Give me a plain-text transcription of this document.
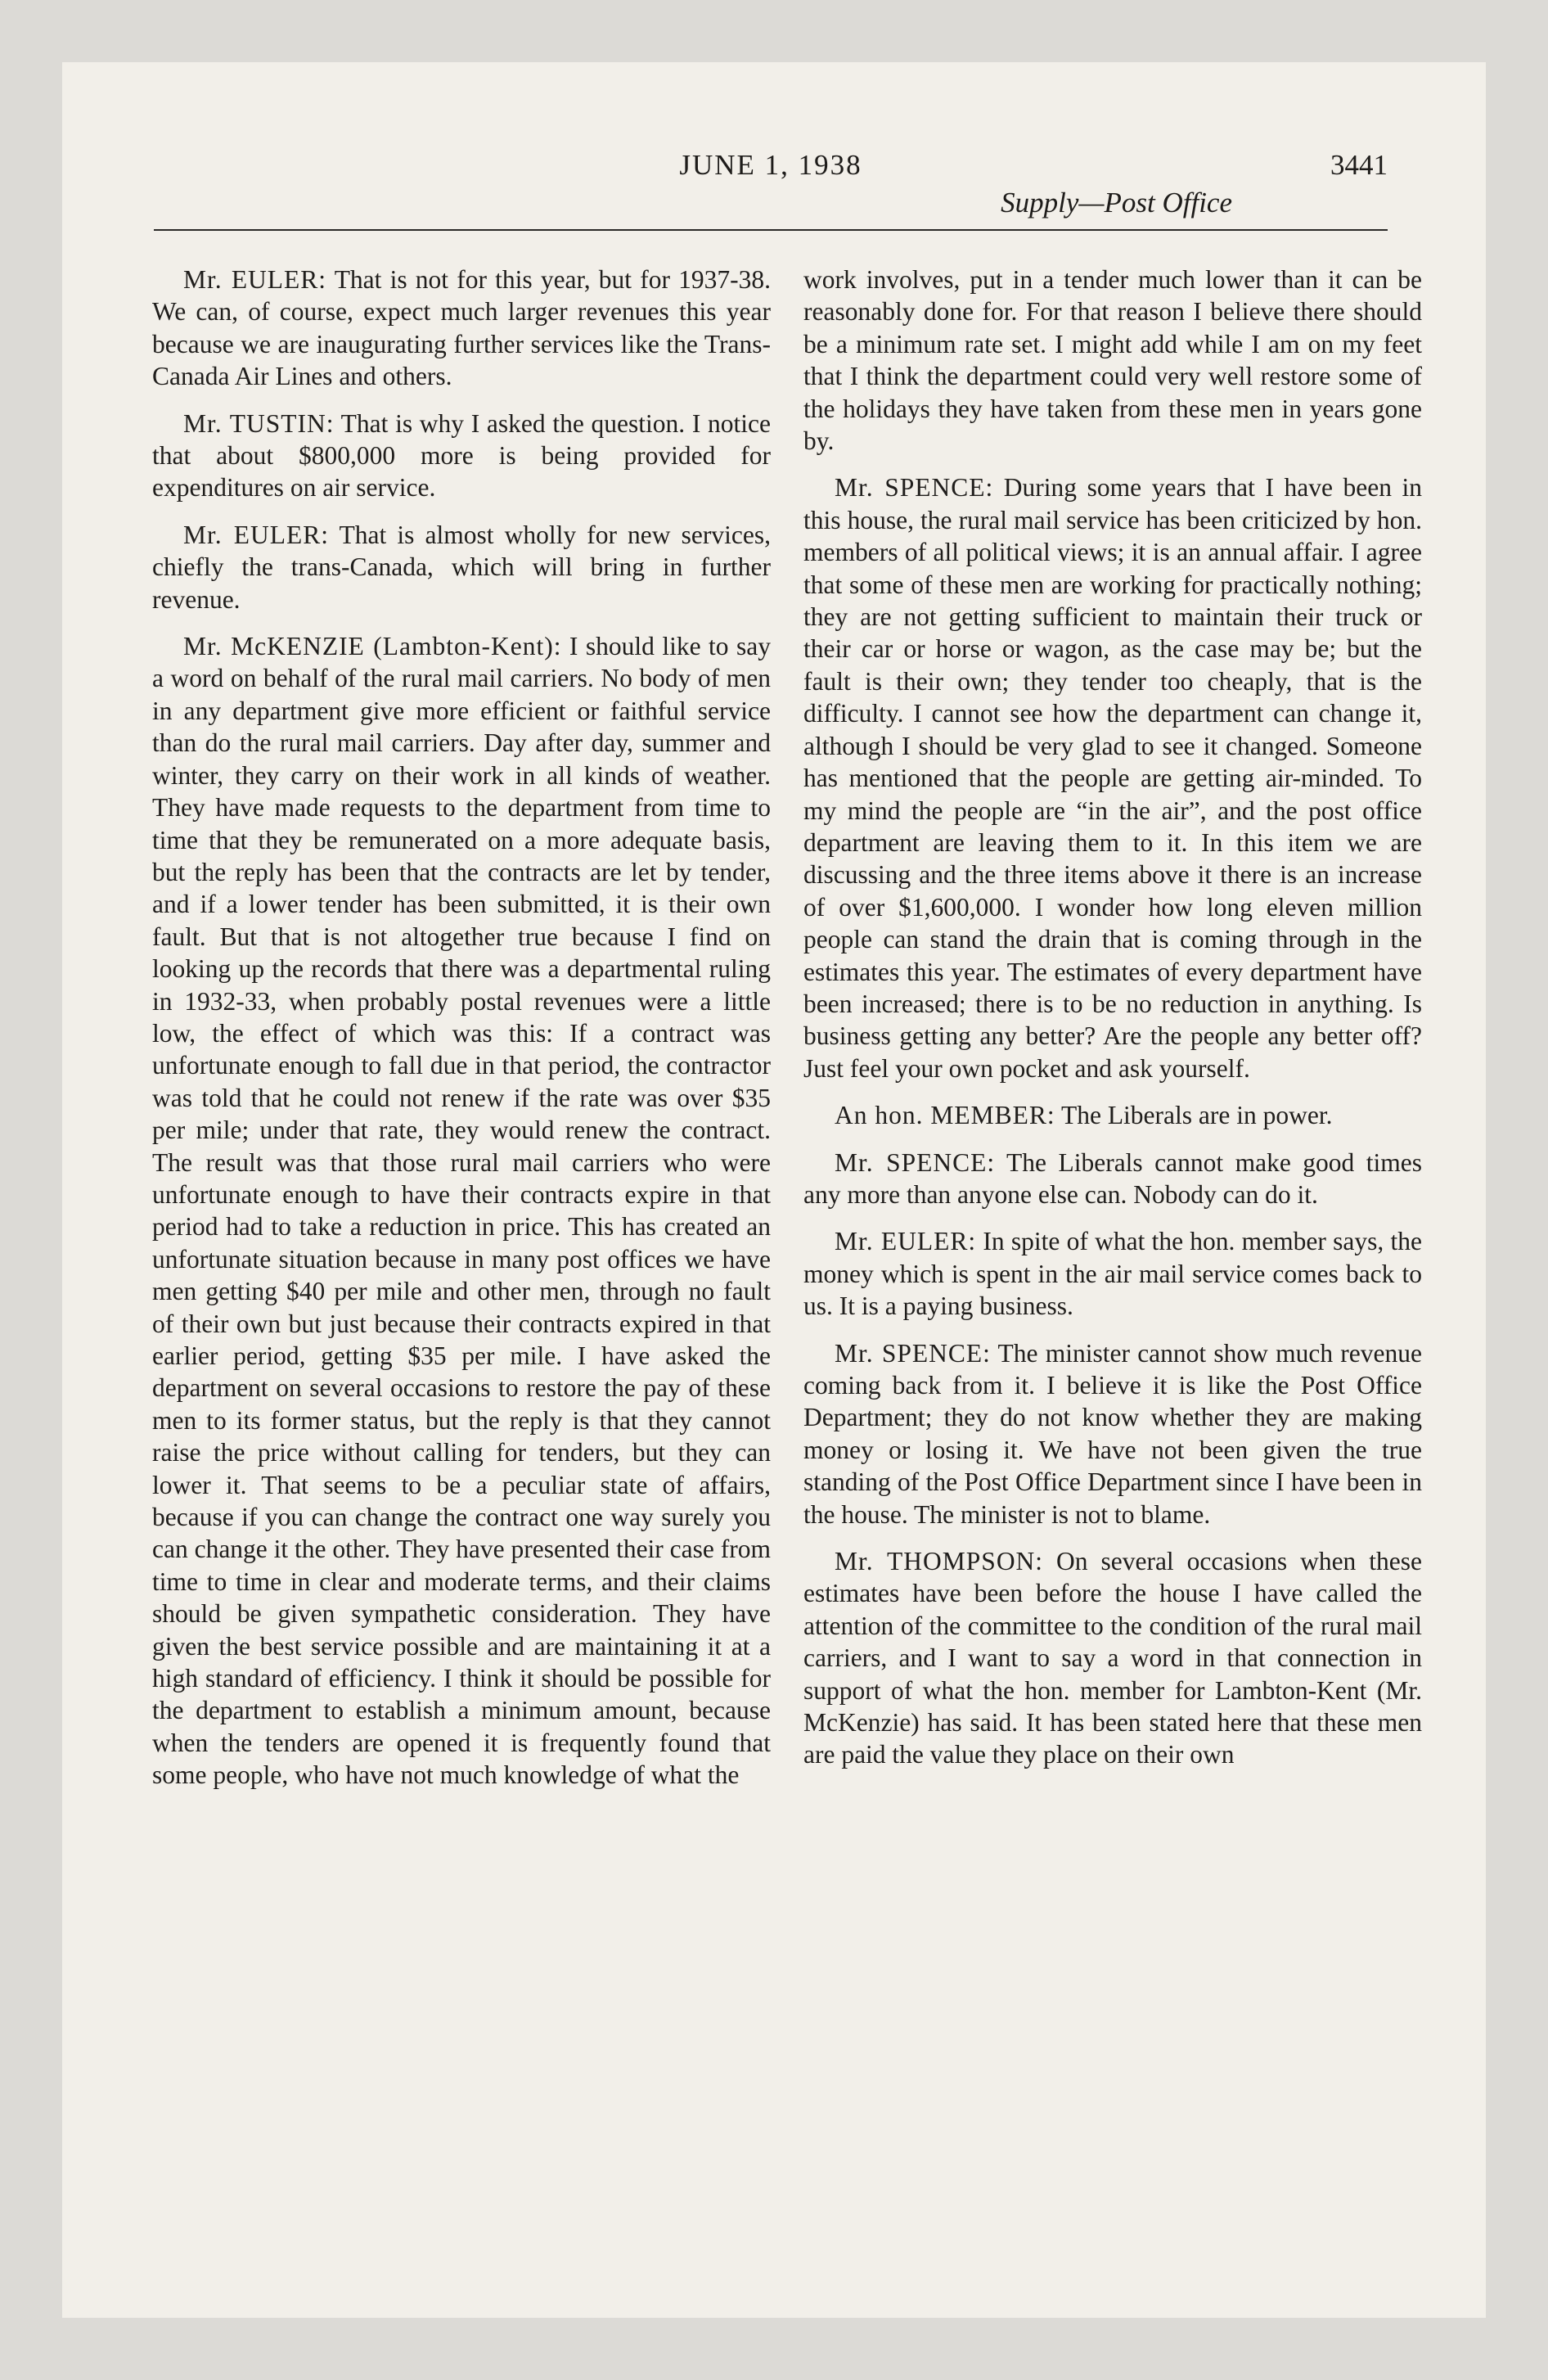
JUNE 1, 1938	3441
Supply—Post Office

Mr. EULER: That is not for this year, but for 1937-38. We can, of course, expect much larger revenues this year because we are inaugurating further services like the Trans-Canada Air Lines and others.

Mr. TUSTIN: That is why I asked the question. I notice that about $800,000 more is being provided for expenditures on air service.

Mr. EULER: That is almost wholly for new services, chiefly the trans-Canada, which will bring in further revenue.

Mr. McKENZIE (Lambton-Kent): I should like to say a word on behalf of the rural mail carriers. No body of men in any department give more efficient or faithful service than do the rural mail carriers. Day after day, summer and winter, they carry on their work in all kinds of weather. They have made requests to the department from time to time that they be remunerated on a more adequate basis, but the reply has been that the contracts are let by tender, and if a lower tender has been submitted, it is their own fault. But that is not altogether true because I find on looking up the records that there was a departmental ruling in 1932-33, when probably postal revenues were a little low, the effect of which was this: If a contract was unfortunate enough to fall due in that period, the contractor was told that he could not renew if the rate was over $35 per mile; under that rate, they would renew the contract. The result was that those rural mail carriers who were unfortunate enough to have their contracts expire in that period had to take a reduction in price. This has created an unfortunate situation because in many post offices we have men getting $40 per mile and other men, through no fault of their own but just because their contracts expired in that earlier period, getting $35 per mile. I have asked the department on several occasions to restore the pay of these men to its former status, but the reply is that they cannot raise the price without calling for tenders, but they can lower it. That seems to be a peculiar state of affairs, because if you can change the contract one way surely you can change it the other. They have presented their case from time to time in clear and moderate terms, and their claims should be given sympathetic consideration. They have given the best service possible and are maintaining it at a high standard of efficiency. I think it should be possible for the department to establish a minimum amount, because when the tenders are opened it is frequently found that some people, who have not much knowledge of what the

work involves, put in a tender much lower than it can be reasonably done for. For that reason I believe there should be a minimum rate set. I might add while I am on my feet that I think the department could very well restore some of the holidays they have taken from these men in years gone by.

Mr. SPENCE: During some years that I have been in this house, the rural mail service has been criticized by hon. members of all political views; it is an annual affair. I agree that some of these men are working for practically nothing; they are not getting sufficient to maintain their truck or their car or horse or wagon, as the case may be; but the fault is their own; they tender too cheaply, that is the difficulty. I cannot see how the department can change it, although I should be very glad to see it changed. Someone has mentioned that the people are getting air-minded. To my mind the people are “in the air”, and the post office department are leaving them to it. In this item we are discussing and the three items above it there is an increase of over $1,600,000. I wonder how long eleven million people can stand the drain that is coming through in the estimates this year. The estimates of every department have been increased; there is to be no reduction in anything. Is business getting any better? Are the people any better off? Just feel your own pocket and ask yourself.

An hon. MEMBER: The Liberals are in power.

Mr. SPENCE: The Liberals cannot make good times any more than anyone else can. Nobody can do it.

Mr. EULER: In spite of what the hon. member says, the money which is spent in the air mail service comes back to us. It is a paying business.

Mr. SPENCE: The minister cannot show much revenue coming back from it. I believe it is like the Post Office Department; they do not know whether they are making money or losing it. We have not been given the true standing of the Post Office Department since I have been in the house. The minister is not to blame.

Mr. THOMPSON: On several occasions when these estimates have been before the house I have called the attention of the committee to the condition of the rural mail carriers, and I want to say a word in that connection in support of what the hon. member for Lambton-Kent (Mr. McKenzie) has said. It has been stated here that these men are paid the value they place on their own
